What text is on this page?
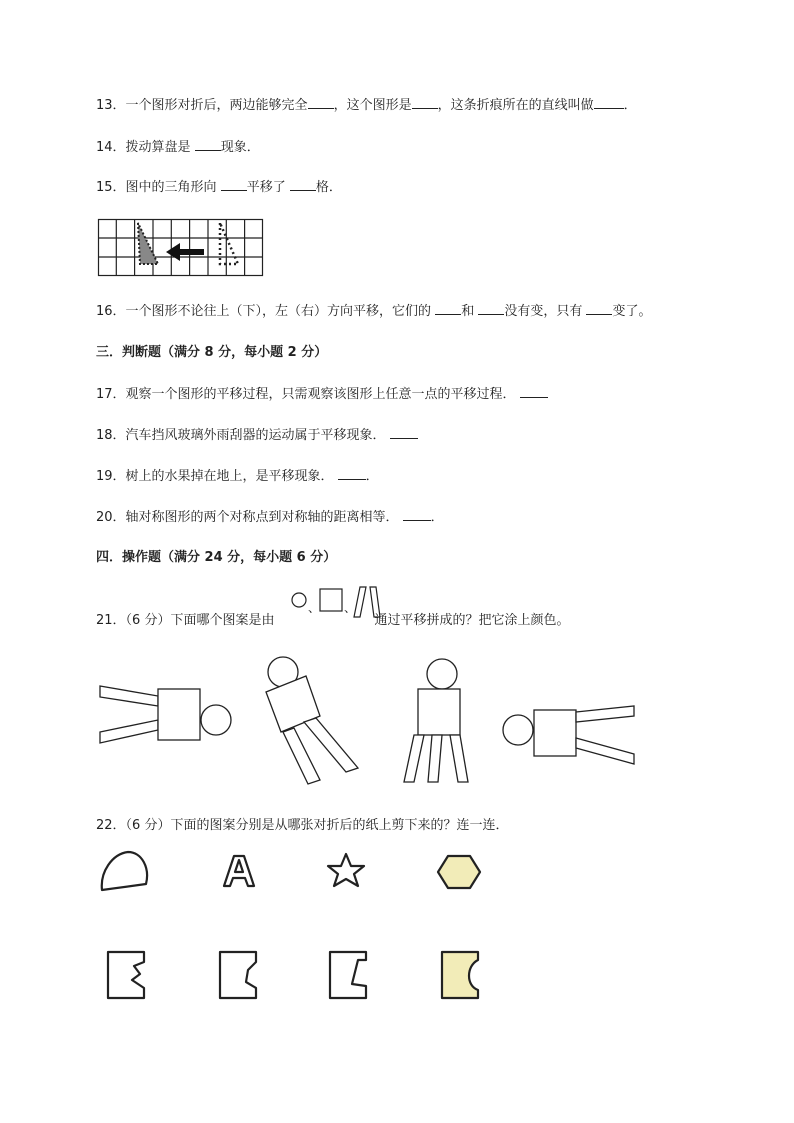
13．一个图形对折后，两边能够完全 ，这个图形是 ，这条折痕所在的直线叫做 ．
14．拨动算盘是 现象．
15．图中的三角形向 平移了 格．
16．一个图形不论往上（下），左（右）方向平移，它们的 和 没有变，只有 变了。
三．判断题（满分 8 分，每小题 2 分）
17．观察一个图形的平移过程，只需观察该图形上任意一点的平移过程．
18．汽车挡风玻璃外雨刮器的运动属于平移现象．
19．树上的水果掉在地上，是平移现象． ．
20．轴对称图形的两个对称点到对称轴的距离相等． ．
四．操作题（满分 24 分，每小题 6 分）
21．（6 分）下面哪个图案是由	通过平移拼成的？把它涂上颜色。
、 、
22．（6 分）下面的图案分别是从哪张对折后的纸上剪下来的？连一连．
